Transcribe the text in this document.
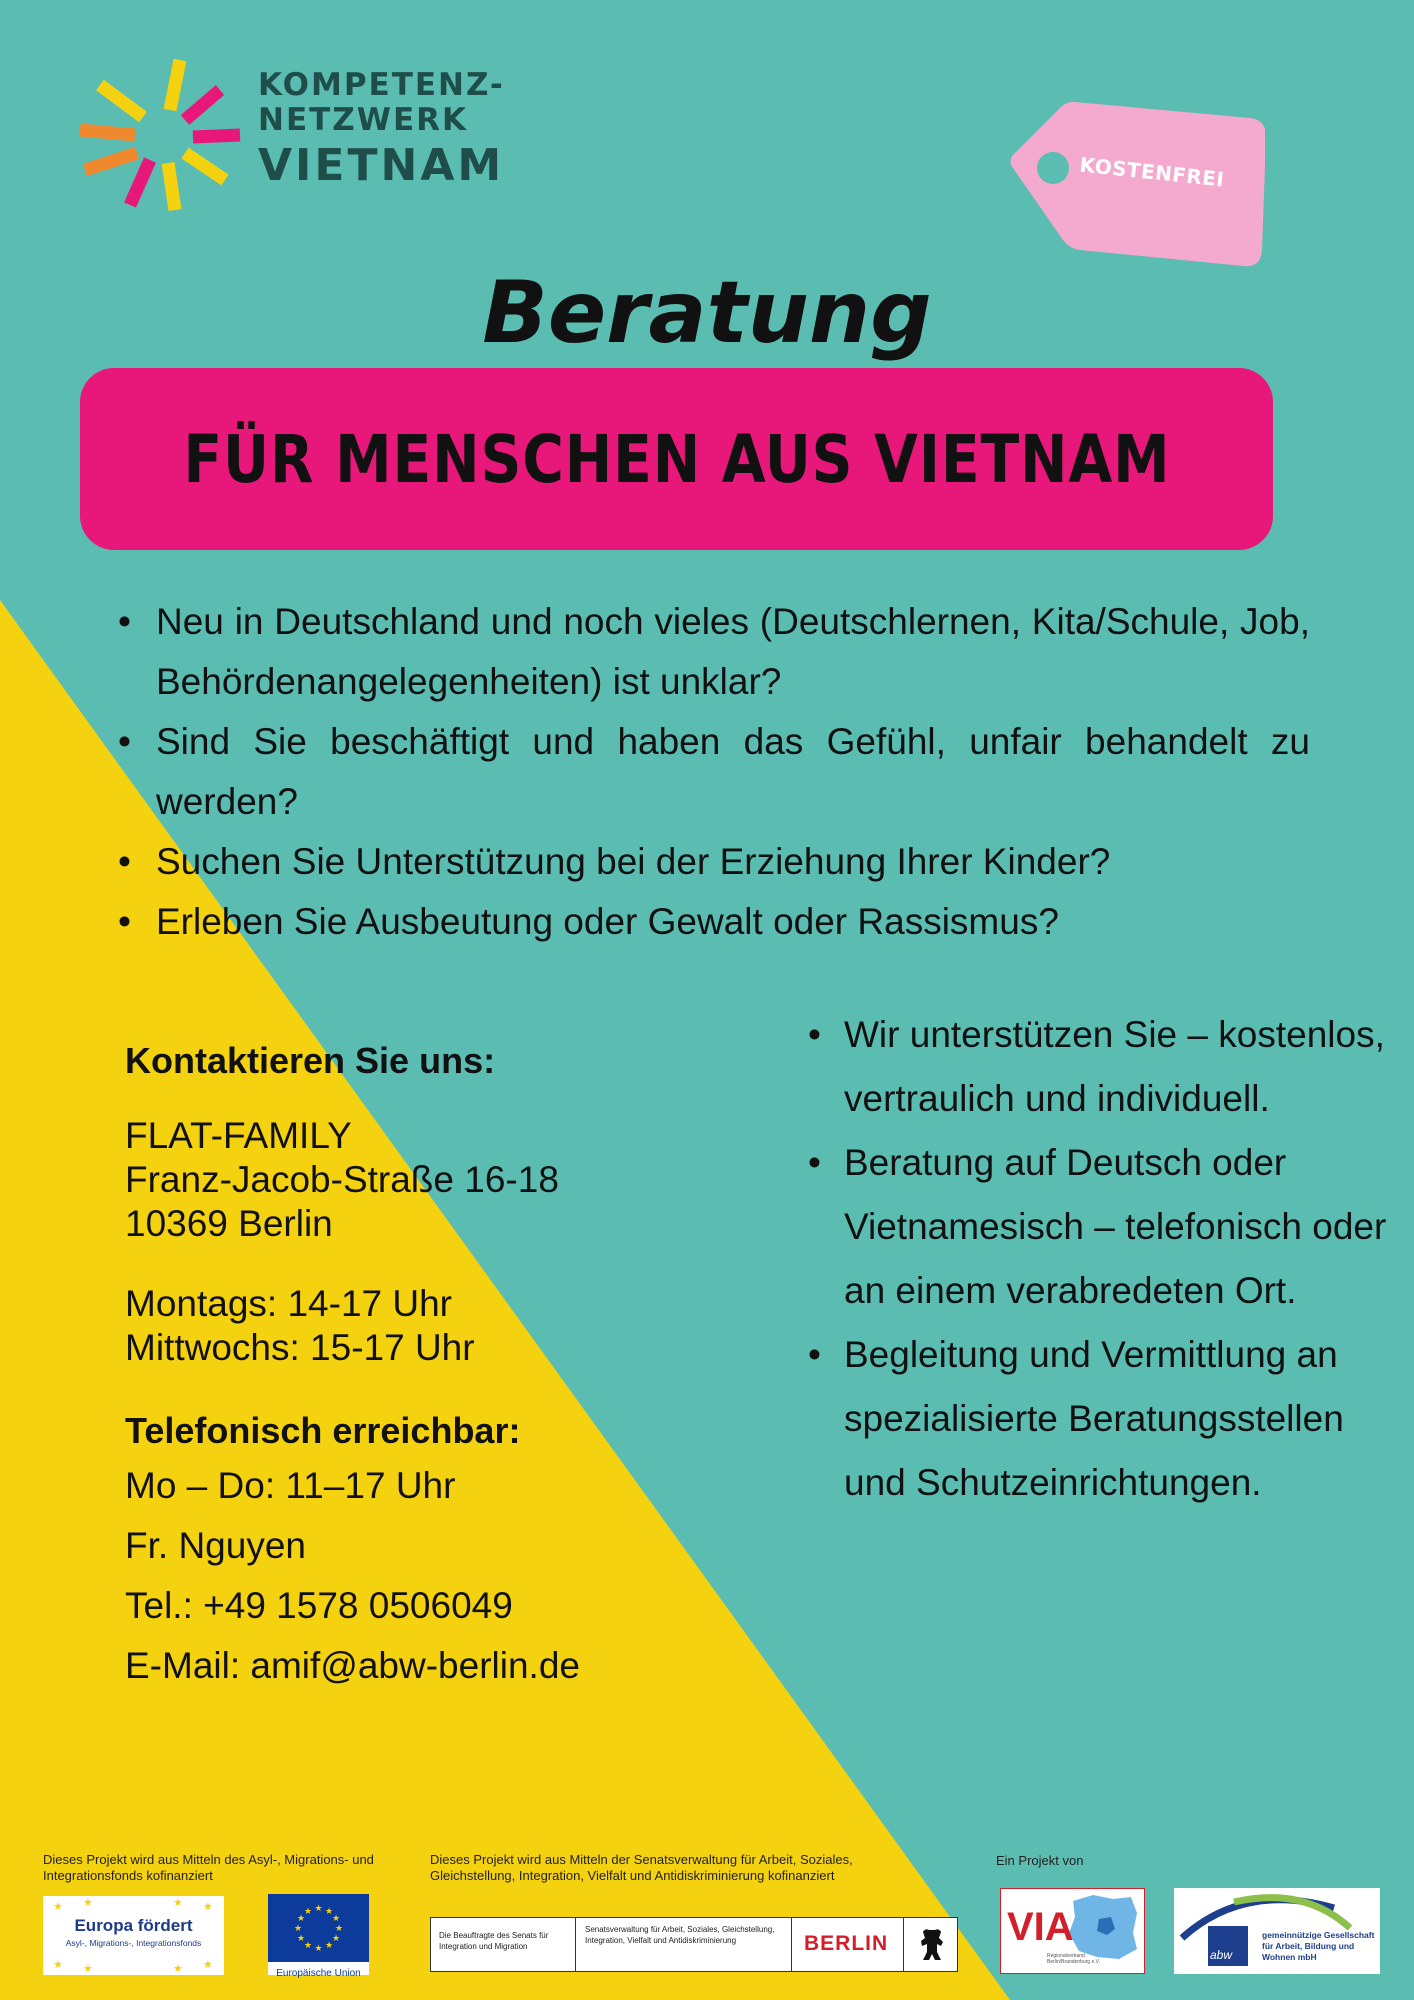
KOMPETENZ-
NETZWERK
VIETNAM	KOSTENFREI
Beratung
FÜR MENSCHEN AUS VIETNAM
• Neu in Deutschland und noch vieles (Deutschlernen, Kita/Schule, Job, Behördenangelegenheiten) ist unklar?
• Sind Sie beschäftigt und haben das Gefühl, unfair behandelt zu werden?
• Suchen Sie Unterstützung bei der Erziehung Ihrer Kinder?
• Erleben Sie Ausbeutung oder Gewalt oder Rassismus?
Kontaktieren Sie uns:
FLAT-FAMILY
Franz-Jacob-Straße 16-18
10369 Berlin
Montags: 14-17 Uhr
Mittwochs: 15-17 Uhr
Telefonisch erreichbar:
Mo – Do: 11–17 Uhr
Fr. Nguyen
Tel.: +49 1578 0506049
E-Mail: amif@abw-berlin.de
• Wir unterstützen Sie – kostenlos, vertraulich und individuell.
• Beratung auf Deutsch oder Vietnamesisch – telefonisch oder an einem verabredeten Ort.
• Begleitung und Vermittlung an spezialisierte Beratungsstellen und Schutzeinrichtungen.
Dieses Projekt wird aus Mitteln des Asyl-, Migrations- und Integrationsfonds kofinanziert
Dieses Projekt wird aus Mitteln der Senatsverwaltung für Arbeit, Soziales, Gleichstellung, Integration, Vielfalt und Antidiskriminierung kofinanziert
Ein Projekt von
Europa fördert
Asyl-, Migrations-, Integrationsfonds
★ ★	★ ★
★ ★	★ ★
★ ★
★
★
★
★
★
★
★
★
★
★
Europäische Union
Die Beauftragte des Senats für Integration und Migration
Senatsverwaltung für Arbeit, Soziales, Gleichstellung, Integration, Vielfalt und Antidiskriminierung	BERLIN	VIA
Regionalverband Berlin/Brandenburg e.V.	abw
gemeinnützige Gesellschaft für Arbeit, Bildung und Wohnen mbH
